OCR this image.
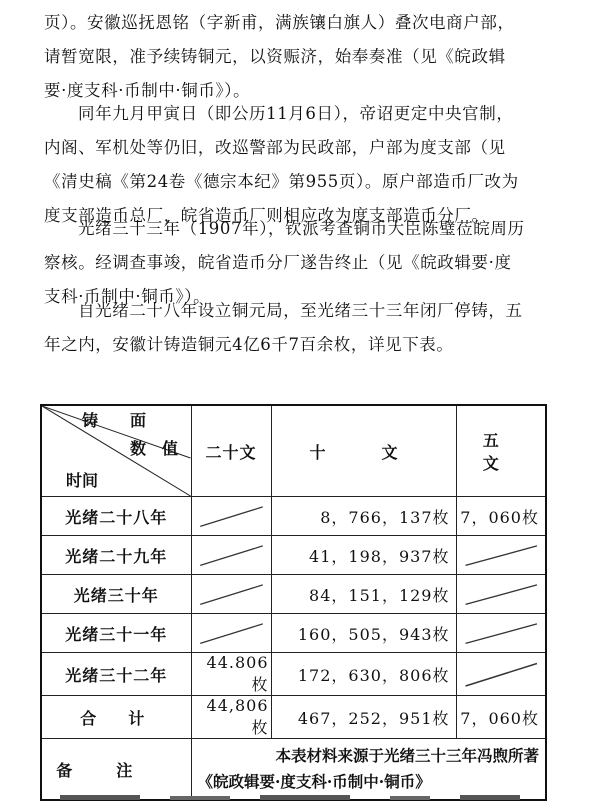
页）。安徽巡抚恩铭（字新甫，满族镶白旗人）叠次电商户部，
请暂宽限，准予续铸铜元，以资赈济，始奉奏准（见《皖政辑
要·度支科·币制中·铜币》）。

同年九月甲寅日（即公历11月6日），帝诏更定中央官制，
内阁、军机处等仍旧，改巡警部为民政部，户部为度支部（见
《清史稿《第24卷《德宗本纪》第955页）。原户部造币厂改为
度支部造币总厂，皖省造币厂则相应改为度支部造币分厂。

光绪三十三年（1907年），钦派考查铜币大臣陈璧莅皖周历
察核。经调查事竣，皖省造币分厂遂告终止（见《皖政辑要·度
支科·币制中·铜币》）。

自光绪二十八年设立铜元局，至光绪三十三年闭厂停铸，五
年之内，安徽计铸造铜元4亿6千7百余枚，详见下表。

铸　　面
数　值
时间	二十文	十　文	五　文
光绪二十八年		8，766，137枚	7，060枚
光绪二十九年		41，198，937枚	

光绪三十年		84，151，129枚	

光绪三十一年		160，505，943枚	

光绪三十二年	44.806枚	172，630，806枚	

合　计	44,806枚	467，252，951枚	7，060枚
备注	本表材料来源于光绪三十三年冯煦所著
《皖政辑要·度支科·币制中·铜币》		
